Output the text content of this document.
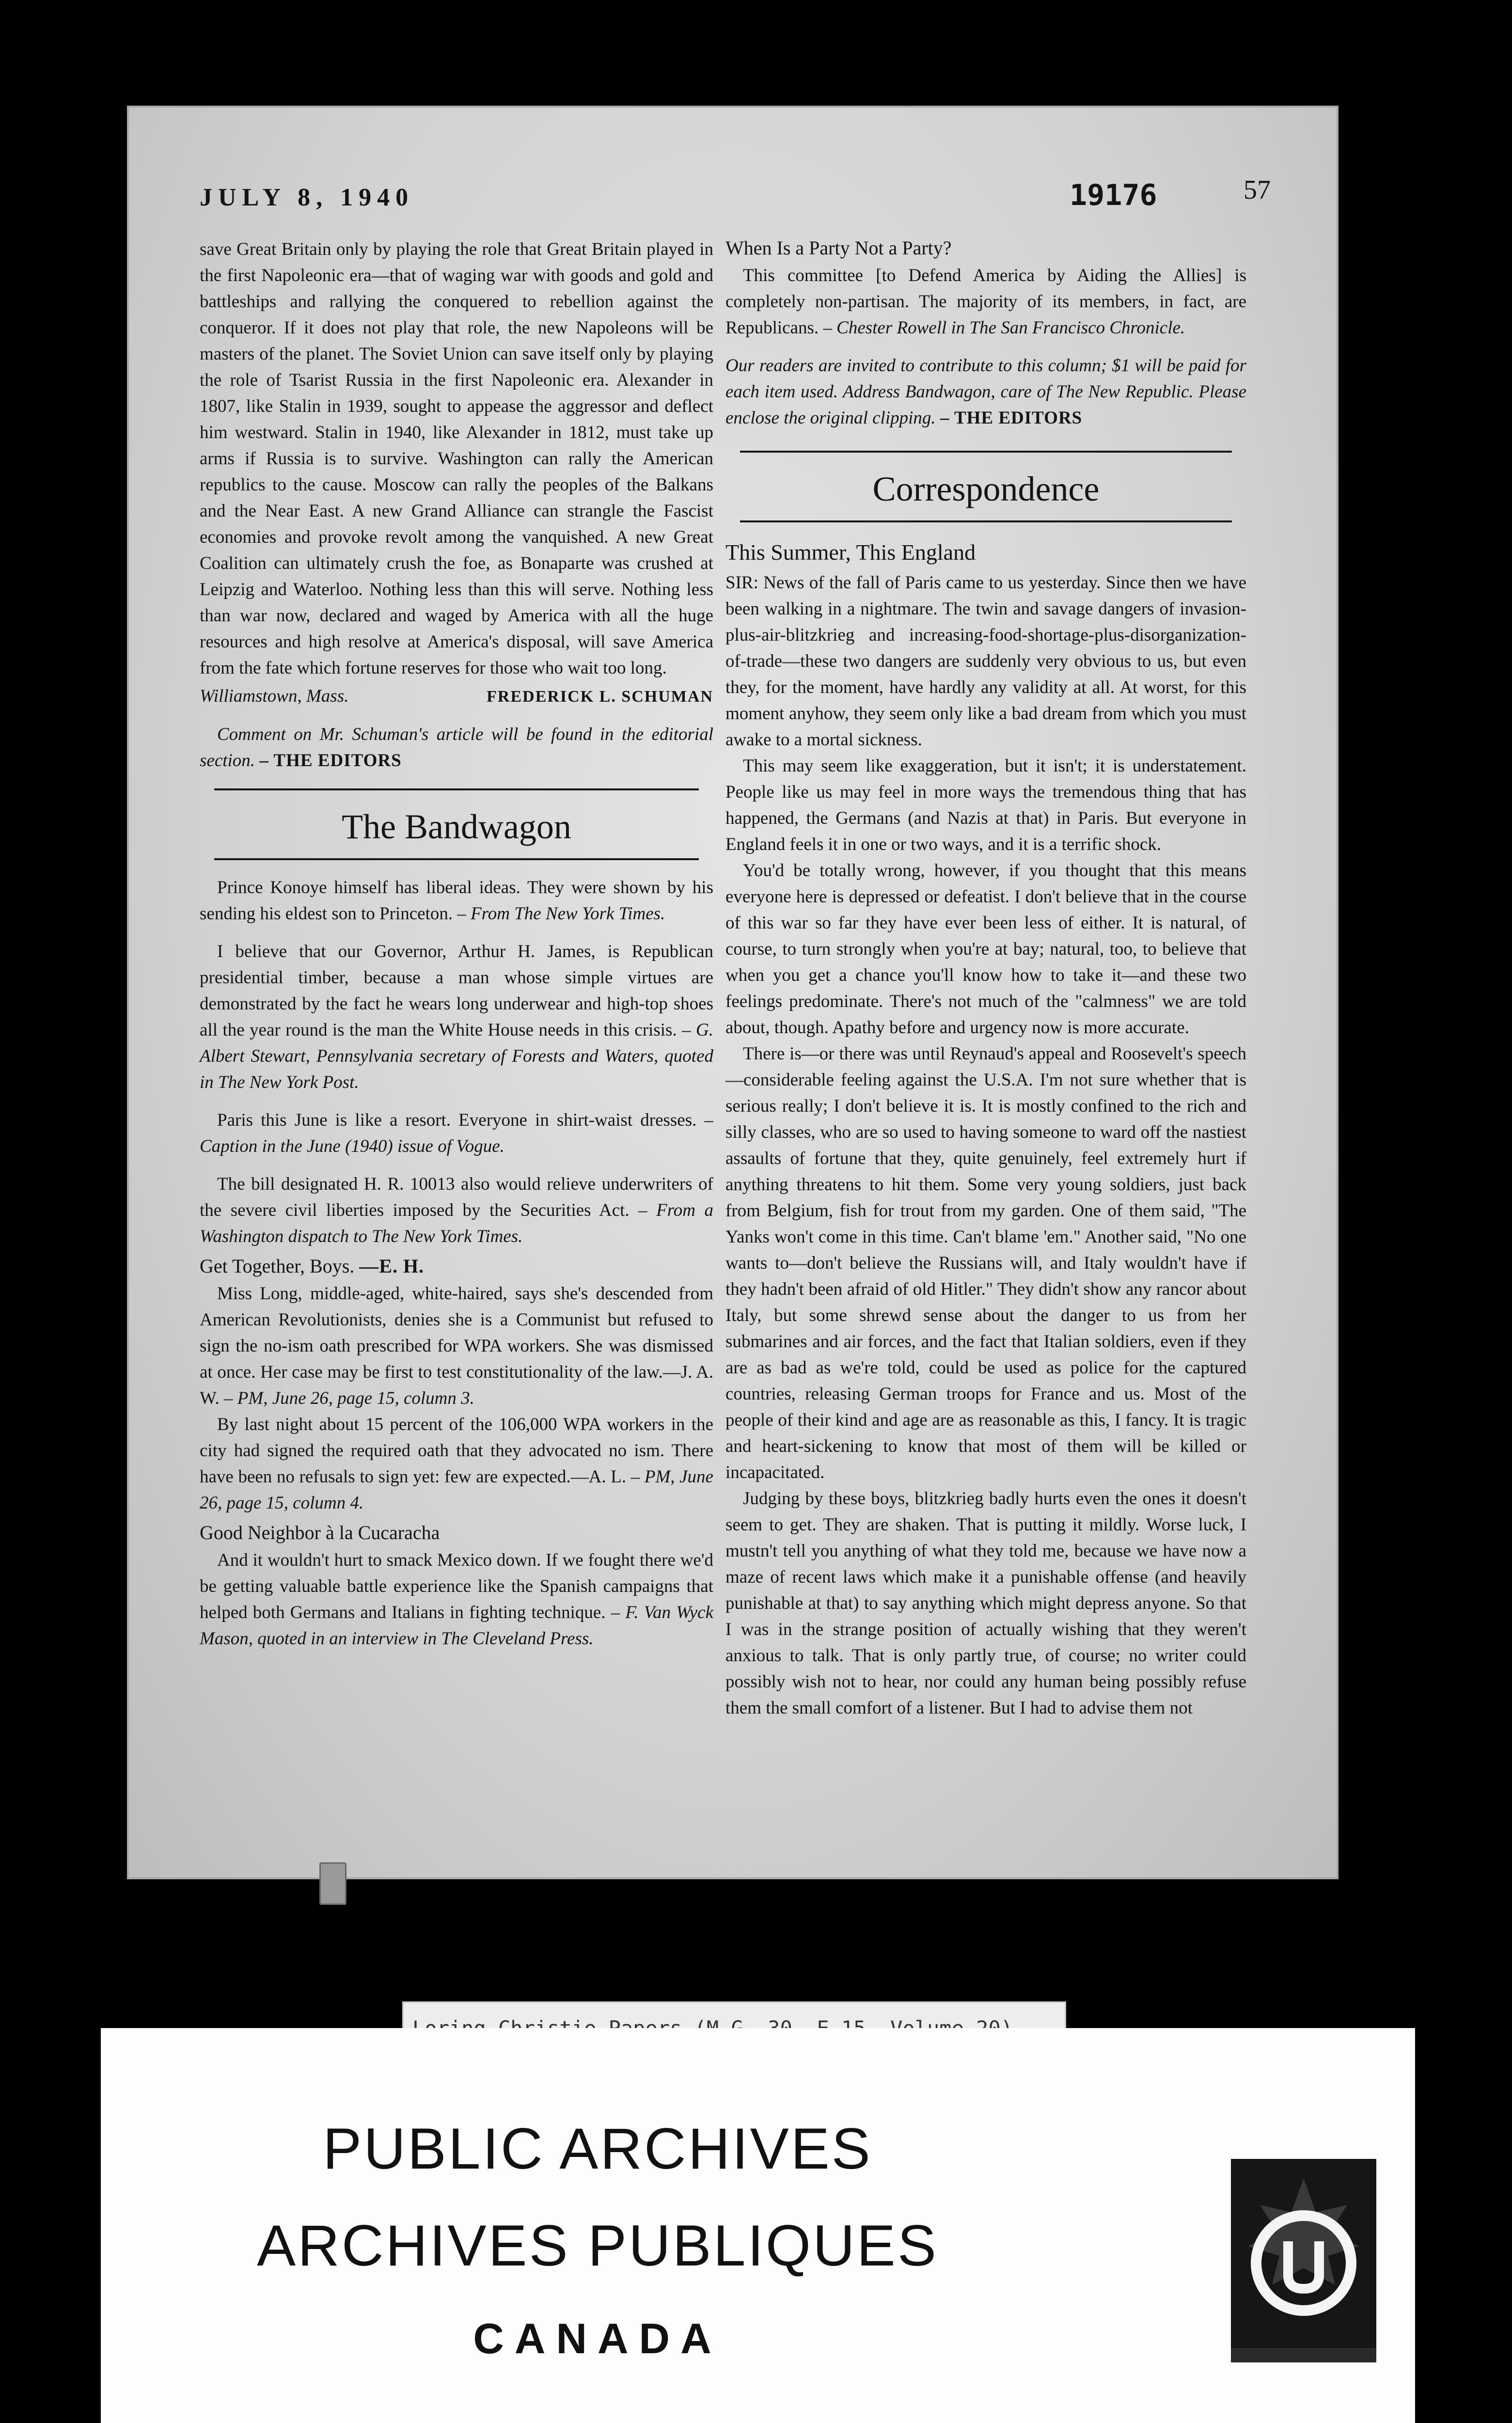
JULY 8, 1940	19176	57

save Great Britain only by playing the role that Great Britain played in the first Napoleonic era—that of waging war with goods and gold and battleships and rallying the conquered to rebellion against the conqueror. If it does not play that role, the new Napoleons will be masters of the planet. The Soviet Union can save itself only by playing the role of Tsarist Russia in the first Napoleonic era. Alexander in 1807, like Stalin in 1939, sought to appease the aggressor and deflect him westward. Stalin in 1940, like Alexander in 1812, must take up arms if Russia is to survive. Washington can rally the American republics to the cause. Moscow can rally the peoples of the Balkans and the Near East. A new Grand Alliance can strangle the Fascist economies and provoke revolt among the vanquished. A new Great Coalition can ultimately crush the foe, as Bonaparte was crushed at Leipzig and Waterloo. Nothing less than this will serve. Nothing less than war now, declared and waged by America with all the huge resources and high resolve at America's disposal, will save America from the fate which fortune reserves for those who wait too long.

Williamstown, Mass.	FREDERICK L. SCHUMAN

Comment on Mr. Schuman's article will be found in the editorial section. – THE EDITORS

The Bandwagon

Prince Konoye himself has liberal ideas. They were shown by his sending his eldest son to Princeton. – From The New York Times.

I believe that our Governor, Arthur H. James, is Republican presidential timber, because a man whose simple virtues are demonstrated by the fact he wears long underwear and high-top shoes all the year round is the man the White House needs in this crisis. – G. Albert Stewart, Pennsylvania secretary of Forests and Waters, quoted in The New York Post.

Paris this June is like a resort. Everyone in shirt-waist dresses. – Caption in the June (1940) issue of Vogue.

The bill designated H. R. 10013 also would relieve underwriters of the severe civil liberties imposed by the Securities Act. – From a Washington dispatch to The New York Times.

Get Together, Boys. —E. H.

Miss Long, middle-aged, white-haired, says she's descended from American Revolutionists, denies she is a Communist but refused to sign the no-ism oath prescribed for WPA workers. She was dismissed at once. Her case may be first to test constitutionality of the law.—J. A. W. – PM, June 26, page 15, column 3.

By last night about 15 percent of the 106,000 WPA workers in the city had signed the required oath that they advocated no ism. There have been no refusals to sign yet: few are expected.—A. L. – PM, June 26, page 15, column 4.

Good Neighbor à la Cucaracha

And it wouldn't hurt to smack Mexico down. If we fought there we'd be getting valuable battle experience like the Spanish campaigns that helped both Germans and Italians in fighting technique. – F. Van Wyck Mason, quoted in an interview in The Cleveland Press.

When Is a Party Not a Party?

This committee [to Defend America by Aiding the Allies] is completely non-partisan. The majority of its members, in fact, are Republicans. – Chester Rowell in The San Francisco Chronicle.

Our readers are invited to contribute to this column; $1 will be paid for each item used. Address Bandwagon, care of The New Republic. Please enclose the original clipping. – THE EDITORS

Correspondence
This Summer, This England

SIR: News of the fall of Paris came to us yesterday. Since then we have been walking in a nightmare. The twin and savage dangers of invasion-plus-air-blitzkrieg and increasing-food-shortage-plus-disorganization-of-trade—these two dangers are suddenly very obvious to us, but even they, for the moment, have hardly any validity at all. At worst, for this moment anyhow, they seem only like a bad dream from which you must awake to a mortal sickness.

This may seem like exaggeration, but it isn't; it is understatement. People like us may feel in more ways the tremendous thing that has happened, the Germans (and Nazis at that) in Paris. But everyone in England feels it in one or two ways, and it is a terrific shock.

You'd be totally wrong, however, if you thought that this means everyone here is depressed or defeatist. I don't believe that in the course of this war so far they have ever been less of either. It is natural, of course, to turn strongly when you're at bay; natural, too, to believe that when you get a chance you'll know how to take it—and these two feelings predominate. There's not much of the "calmness" we are told about, though. Apathy before and urgency now is more accurate.

There is—or there was until Reynaud's appeal and Roosevelt's speech—considerable feeling against the U.S.A. I'm not sure whether that is serious really; I don't believe it is. It is mostly confined to the rich and silly classes, who are so used to having someone to ward off the nastiest assaults of fortune that they, quite genuinely, feel extremely hurt if anything threatens to hit them. Some very young soldiers, just back from Belgium, fish for trout from my garden. One of them said, "The Yanks won't come in this time. Can't blame 'em." Another said, "No one wants to—don't believe the Russians will, and Italy wouldn't have if they hadn't been afraid of old Hitler." They didn't show any rancor about Italy, but some shrewd sense about the danger to us from her submarines and air forces, and the fact that Italian soldiers, even if they are as bad as we're told, could be used as police for the captured countries, releasing German troops for France and us. Most of the people of their kind and age are as reasonable as this, I fancy. It is tragic and heart-sickening to know that most of them will be killed or incapacitated.

Judging by these boys, blitzkrieg badly hurts even the ones it doesn't seem to get. They are shaken. That is putting it mildly. Worse luck, I mustn't tell you anything of what they told me, because we have now a maze of recent laws which make it a punishable offense (and heavily punishable at that) to say anything which might depress anyone. So that I was in the strange position of actually wishing that they weren't anxious to talk. That is only partly true, of course; no writer could possibly wish not to hear, nor could any human being possibly refuse them the small comfort of a listener. But I had to advise them not

PUBLIC ARCHIVES
ARCHIVES PUBLIQUES
CANADA
